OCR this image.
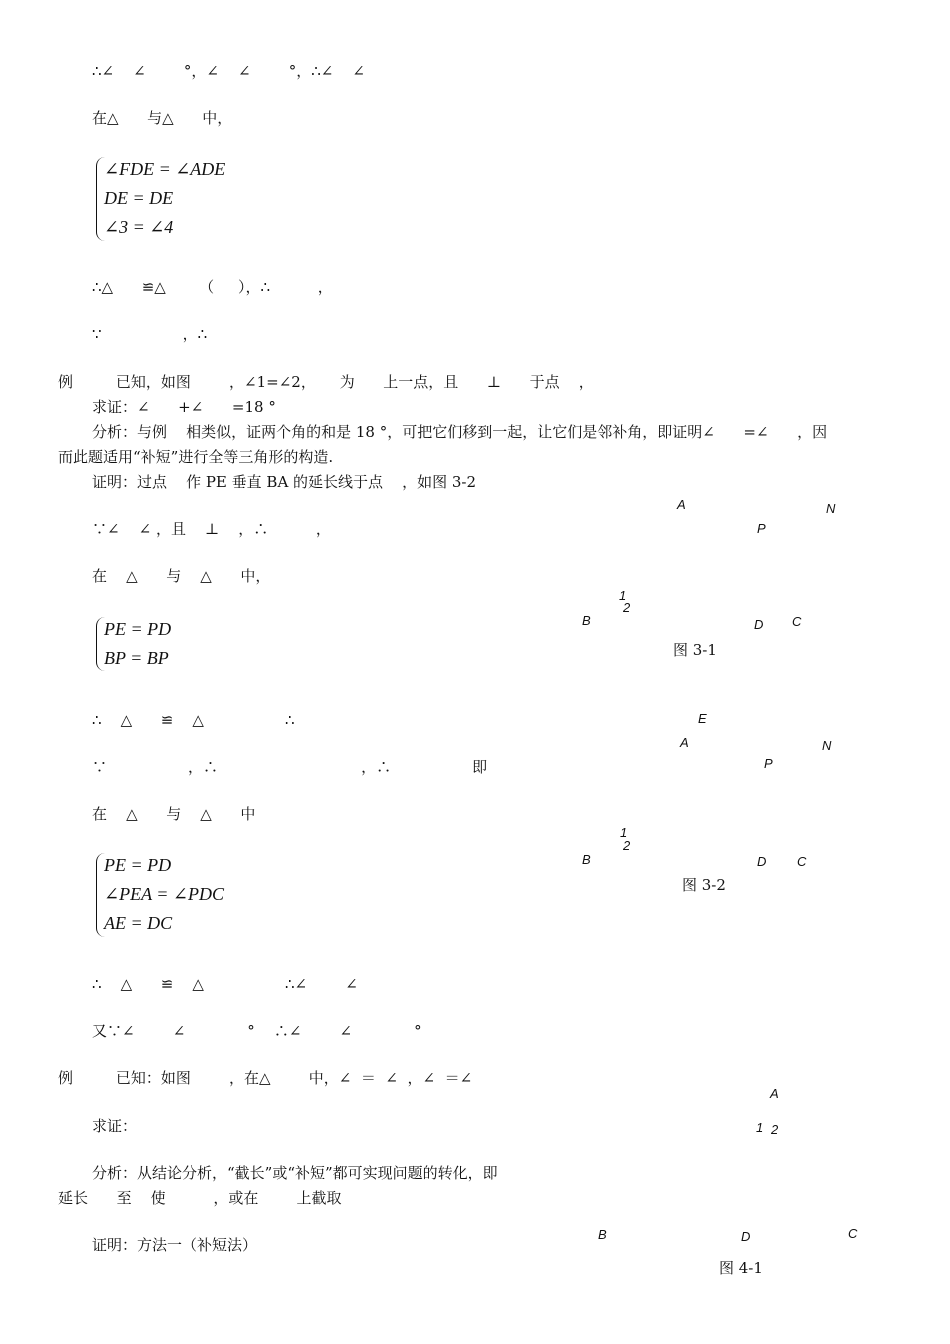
∴∠    ∠        °，∠    ∠        °，∴∠    ∠
在△      与△      中，
∠FDE = ∠ADE
DE = DE
∠3 = ∠4
∴△      ≌△       （     ），∴          ，
∵                 ，∴
例         已知，如图        ，∠1=∠2，     为      上一点，且      ⊥      于点    ，
求证：∠      +∠      =18 °
分析：与例    相类似，证两个角的和是 18 °，可把它们移到一起，让它们是邻补角，即证明∠      =∠      ，因
而此题适用“补短”进行全等三角形的构造.
证明：过点    作 PE 垂直 BA 的延长线于点    ，如图 3-2
∵∠    ∠ ，且    ⊥    ，∴          ，
在    △      与    △      中，
PE = PD
BP = BP
∴    △      ≌    △                 ∴
∵                 ，∴                              ，∴                 即
在    △      与    △      中
PE = PD
∠PEA = ∠PDC
AE = DC
∴    △      ≌    △                 ∴∠        ∠
又∵∠        ∠             °    ∴∠        ∠             °
例         已知：如图        ，在△        中，∠  ＝  ∠  ，∠  ＝∠
求证：
分析：从结论分析，“截长”或“补短”都可实现问题的转化，即
延长      至    使          ，或在        上截取
证明：方法一（补短法）
A	N
P
1
2
B	D C
图 3-1
E
A	N
P
1
2
B	D C
图 3-2
A
1 2
B	D	C
图 4-1
